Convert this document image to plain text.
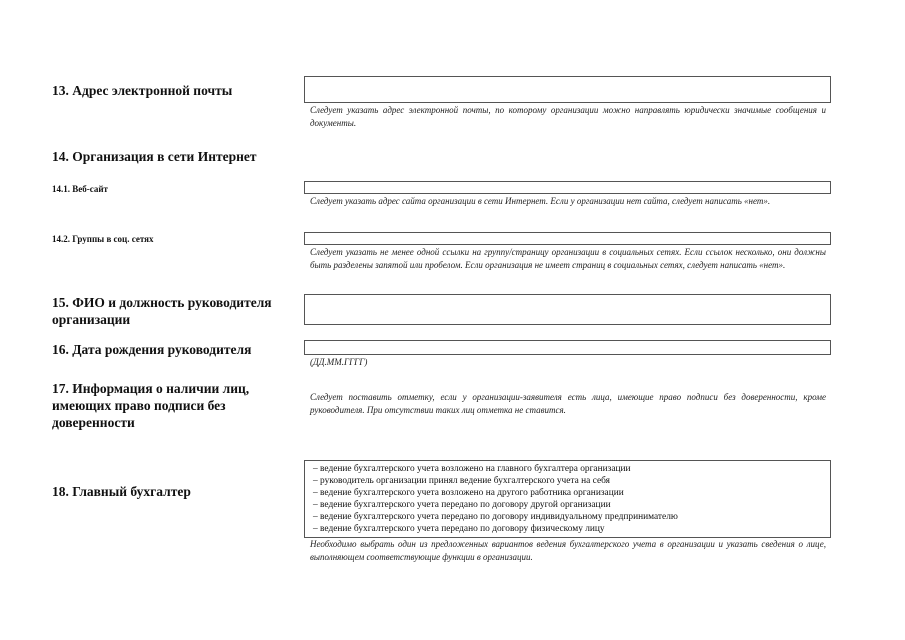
13. Адрес электронной почты
Следует указать адрес электронной почты, по которому организации можно направлять юридически значимые сообщения и документы.
14. Организация в сети Интернет
14.1. Веб-сайт
Следует указать адрес сайта организации в сети Интернет. Если у организации нет сайта, следует написать «нет».
14.2. Группы в соц. сетях
Следует указать не менее одной ссылки на группу/страницу организации в социальных сетях. Если ссылок несколько, они должны быть разделены запятой или пробелом. Если организация не имеет страниц в социальных сетях, следует написать «нет».
15. ФИО и должность руководителя организации
16. Дата рождения руководителя
(ДД.ММ.ГГГГ)
17. Информация о наличии лиц, имеющих право подписи без доверенности
Следует поставить отметку, если у организации-заявителя есть лица, имеющие право подписи без доверенности, кроме руководителя. При отсутствии таких лиц отметка не ставится.
18. Главный бухгалтер
– ведение бухгалтерского учета возложено на главного бухгалтера организации
– руководитель организации принял ведение бухгалтерского учета на себя
– ведение бухгалтерского учета возложено на другого работника организации
– ведение бухгалтерского учета передано по договору другой организации
– ведение бухгалтерского учета передано по договору индивидуальному предпринимателю
– ведение бухгалтерского учета передано по договору физическому лицу
Необходимо выбрать один из предложенных вариантов ведения бухгалтерского учета в организации и указать сведения о лице, выполняющем соответствующие функции в организации.
